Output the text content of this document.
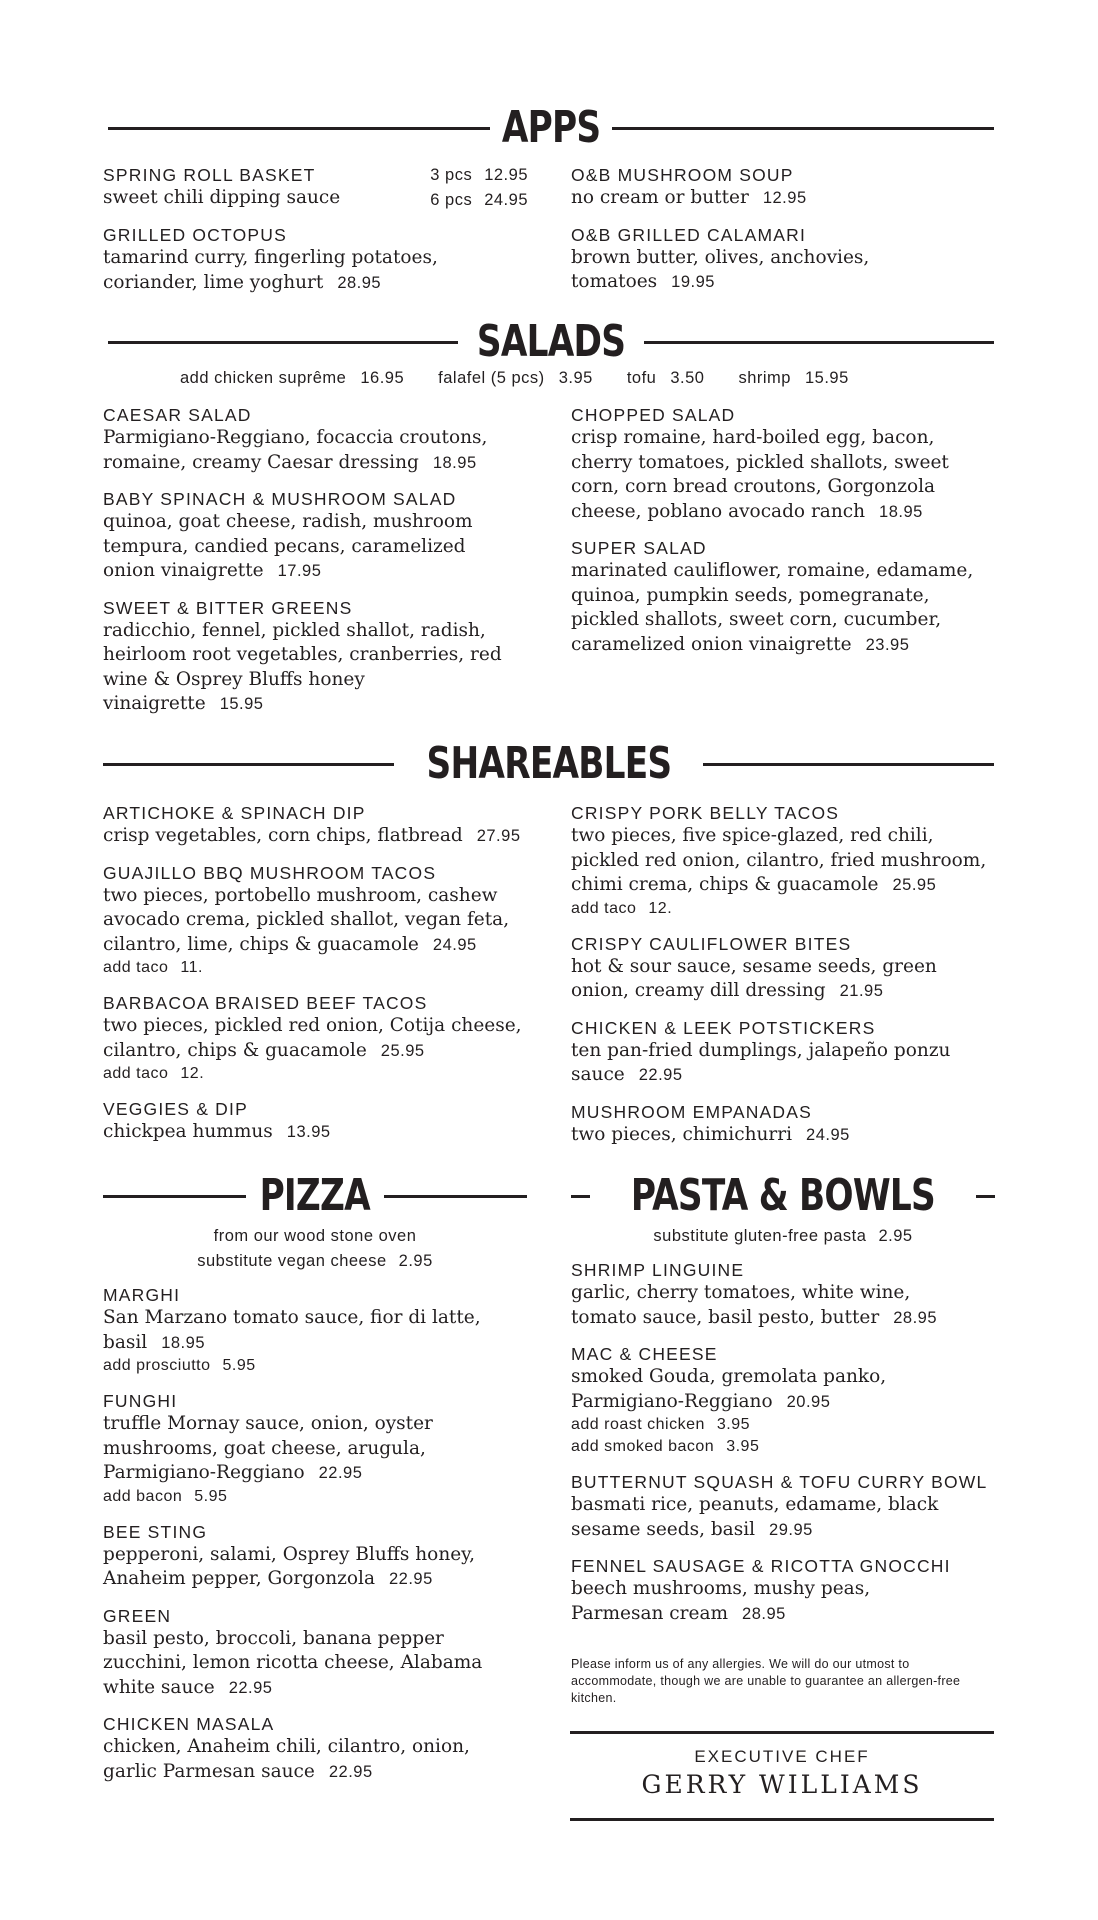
APPS
SPRING ROLL BASKET
sweet chili dipping sauce
3 pcs 12.95
6 pcs 24.95
GRILLED OCTOPUS
tamarind curry, fingerling potatoes, coriander, lime yoghurt 28.95
O&B MUSHROOM SOUP
no cream or butter 12.95
O&B GRILLED CALAMARI
brown butter, olives, anchovies, tomatoes 19.95
SALADS
add chicken suprême 16.95 falafel (5 pcs) 3.95 tofu 3.50 shrimp 15.95
CAESAR SALAD
Parmigiano-Reggiano, focaccia croutons, romaine, creamy Caesar dressing 18.95
BABY SPINACH & MUSHROOM SALAD
quinoa, goat cheese, radish, mushroom tempura, candied pecans, caramelized onion vinaigrette 17.95
SWEET & BITTER GREENS
radicchio, fennel, pickled shallot, radish, heirloom root vegetables, cranberries, red wine & Osprey Bluffs honey vinaigrette 15.95
CHOPPED SALAD
crisp romaine, hard-boiled egg, bacon, cherry tomatoes, pickled shallots, sweet corn, corn bread croutons, Gorgonzola cheese, poblano avocado ranch 18.95
SUPER SALAD
marinated cauliflower, romaine, edamame, quinoa, pumpkin seeds, pomegranate, pickled shallots, sweet corn, cucumber, caramelized onion vinaigrette 23.95
SHAREABLES
ARTICHOKE & SPINACH DIP
crisp vegetables, corn chips, flatbread 27.95
GUAJILLO BBQ MUSHROOM TACOS
two pieces, portobello mushroom, cashew avocado crema, pickled shallot, vegan feta, cilantro, lime, chips & guacamole 24.95
add taco 11.
BARBACOA BRAISED BEEF TACOS
two pieces, pickled red onion, Cotija cheese, cilantro, chips & guacamole 25.95
add taco 12.
VEGGIES & DIP
chickpea hummus 13.95
CRISPY PORK BELLY TACOS
two pieces, five spice-glazed, red chili, pickled red onion, cilantro, fried mushroom, chimi crema, chips & guacamole 25.95
add taco 12.
CRISPY CAULIFLOWER BITES
hot & sour sauce, sesame seeds, green onion, creamy dill dressing 21.95
CHICKEN & LEEK POTSTICKERS
ten pan-fried dumplings, jalapeño ponzu sauce 22.95
MUSHROOM EMPANADAS
two pieces, chimichurri 24.95
PIZZA
from our wood stone oven
substitute vegan cheese 2.95
MARGHI
San Marzano tomato sauce, fior di latte, basil 18.95
add prosciutto 5.95
FUNGHI
truffle Mornay sauce, onion, oyster mushrooms, goat cheese, arugula, Parmigiano-Reggiano 22.95
add bacon 5.95
BEE STING
pepperoni, salami, Osprey Bluffs honey, Anaheim pepper, Gorgonzola 22.95
GREEN
basil pesto, broccoli, banana pepper zucchini, lemon ricotta cheese, Alabama white sauce 22.95
CHICKEN MASALA
chicken, Anaheim chili, cilantro, onion, garlic Parmesan sauce 22.95
PASTA & BOWLS
substitute gluten-free pasta 2.95
SHRIMP LINGUINE
garlic, cherry tomatoes, white wine, tomato sauce, basil pesto, butter 28.95
MAC & CHEESE
smoked Gouda, gremolata panko, Parmigiano-Reggiano 20.95
add roast chicken 3.95
add smoked bacon 3.95
BUTTERNUT SQUASH & TOFU CURRY BOWL
basmati rice, peanuts, edamame, black sesame seeds, basil 29.95
FENNEL SAUSAGE & RICOTTA GNOCCHI
beech mushrooms, mushy peas, Parmesan cream 28.95
Please inform us of any allergies. We will do our utmost to accommodate, though we are unable to guarantee an allergen-free kitchen.
EXECUTIVE CHEF
GERRY WILLIAMS
